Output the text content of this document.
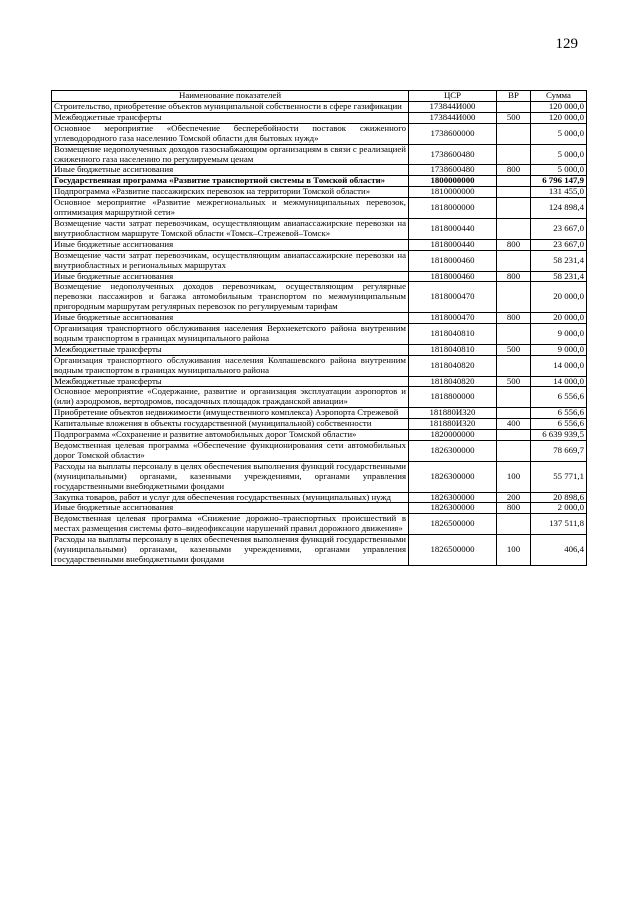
129
Наименование показателей	ЦСР	ВР	Сумма
Строительство, приобретение объектов муниципальной собственности в сфере газификации	173844И000		120 000,0
Межбюджетные трансферты	173844И000	500	120 000,0
Основное мероприятие «Обеспечение бесперебойности поставок сжиженного углеводородного газа населению Томской области для бытовых нужд»	1738600000		5 000,0
Возмещение недополученных доходов газоснабжающим организациям в связи с реализацией сжиженного газа населению по регулируемым ценам	1738600480		5 000,0
Иные бюджетные ассигнования	1738600480	800	5 000,0
Государственная программа «Развитие транспортной системы в Томской области»	1800000000		6 796 147,9
Подпрограмма «Развитие пассажирских перевозок на территории Томской области»	1810000000		131 455,0
Основное мероприятие «Развитие межрегиональных и межмуниципальных перевозок, оптимизация маршрутной сети»	1818000000		124 898,4
Возмещение части затрат перевозчикам, осуществляющим авиапассажирские перевозки на внутриобластном маршруте Томской области «Томск–Стрежевой–Томск»	1818000440		23 667,0
Иные бюджетные ассигнования	1818000440	800	23 667,0
Возмещение части затрат перевозчикам, осуществляющим авиапассажирские перевозки на внутриобластных и региональных маршрутах	1818000460		58 231,4
Иные бюджетные ассигнования	1818000460	800	58 231,4
Возмещение недополученных доходов перевозчикам, осуществляющим регулярные перевозки пассажиров и багажа автомобильным транспортом по межмуниципальным пригородным маршрутам регулярных перевозок по регулируемым тарифам	1818000470		20 000,0
Иные бюджетные ассигнования	1818000470	800	20 000,0
Организация транспортного обслуживания населения Верхнекетского района внутренним водным транспортом в границах муниципального района	1818040810		9 000,0
Межбюджетные трансферты	1818040810	500	9 000,0
Организация транспортного обслуживания населения Колпашевского района внутренним водным транспортом в границах муниципального района	1818040820		14 000,0
Межбюджетные трансферты	1818040820	500	14 000,0
Основное мероприятие «Содержание, развитие и организация эксплуатации аэропортов и (или) аэродромов, вертодромов, посадочных площадок гражданской авиации»	1818800000		6 556,6
Приобретение объектов недвижимости (имущественного комплекса) Аэропорта Стрежевой	181880И320		6 556,6
Капитальные вложения в объекты государственной (муниципальной) собственности	181880И320	400	6 556,6
Подпрограмма «Сохранение и развитие автомобильных дорог Томской области»	1820000000		6 639 939,5
Ведомственная целевая программа «Обеспечение функционирования сети автомобильных дорог Томской области»	1826300000		78 669,7
Расходы на выплаты персоналу в целях обеспечения выполнения функций государственными (муниципальными) органами, казенными учреждениями, органами управления государственными внебюджетными фондами	1826300000	100	55 771,1
Закупка товаров, работ и услуг для обеспечения государственных (муниципальных) нужд	1826300000	200	20 898,6
Иные бюджетные ассигнования	1826300000	800	2 000,0
Ведомственная целевая программа «Снижение дорожно–транспортных происшествий в местах размещения системы фото–видеофиксации нарушений правил дорожного движения»	1826500000		137 511,8
Расходы на выплаты персоналу в целях обеспечения выполнения функций государственными (муниципальными) органами, казенными учреждениями, органами управления государственными внебюджетными фондами	1826500000	100	406,4
